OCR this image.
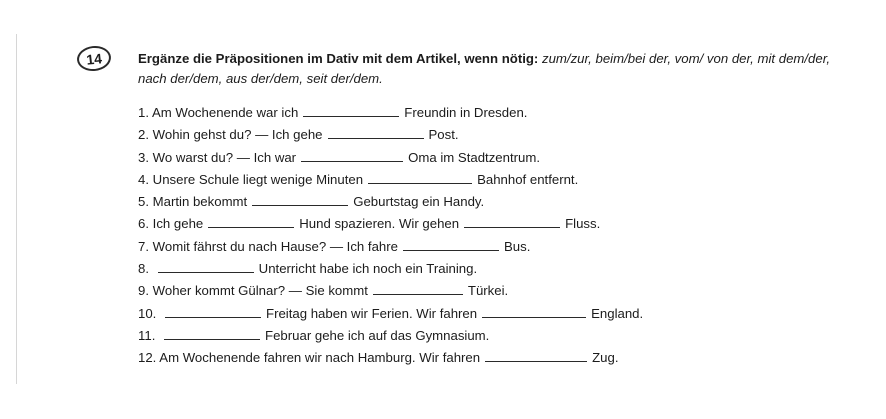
14	Ergänze die Präpositionen im Dativ mit dem Artikel, wenn nötig: zum/zur, beim/bei der, vom/ von der, mit dem/der, nach der/dem, aus der/dem, seit der/dem.
1. Am Wochenende war ich	Freundin in Dresden.
2. Wohin gehst du? — Ich gehe	Post.
3. Wo warst du? — Ich war	Oma im Stadtzentrum.
4. Unsere Schule liegt wenige Minuten	Bahnhof entfernt.
5. Martin bekommt	Geburtstag ein Handy.
6. Ich gehe	Hund spazieren. Wir gehen	Fluss.
7. Womit fährst du nach Hause? — Ich fahre	Bus.
8.	Unterricht habe ich noch ein Training.
9. Woher kommt Gülnar? — Sie kommt	Türkei.
10.	Freitag haben wir Ferien. Wir fahren	England.
11.	Februar gehe ich auf das Gymnasium.
12. Am Wochenende fahren wir nach Hamburg. Wir fahren	Zug.
